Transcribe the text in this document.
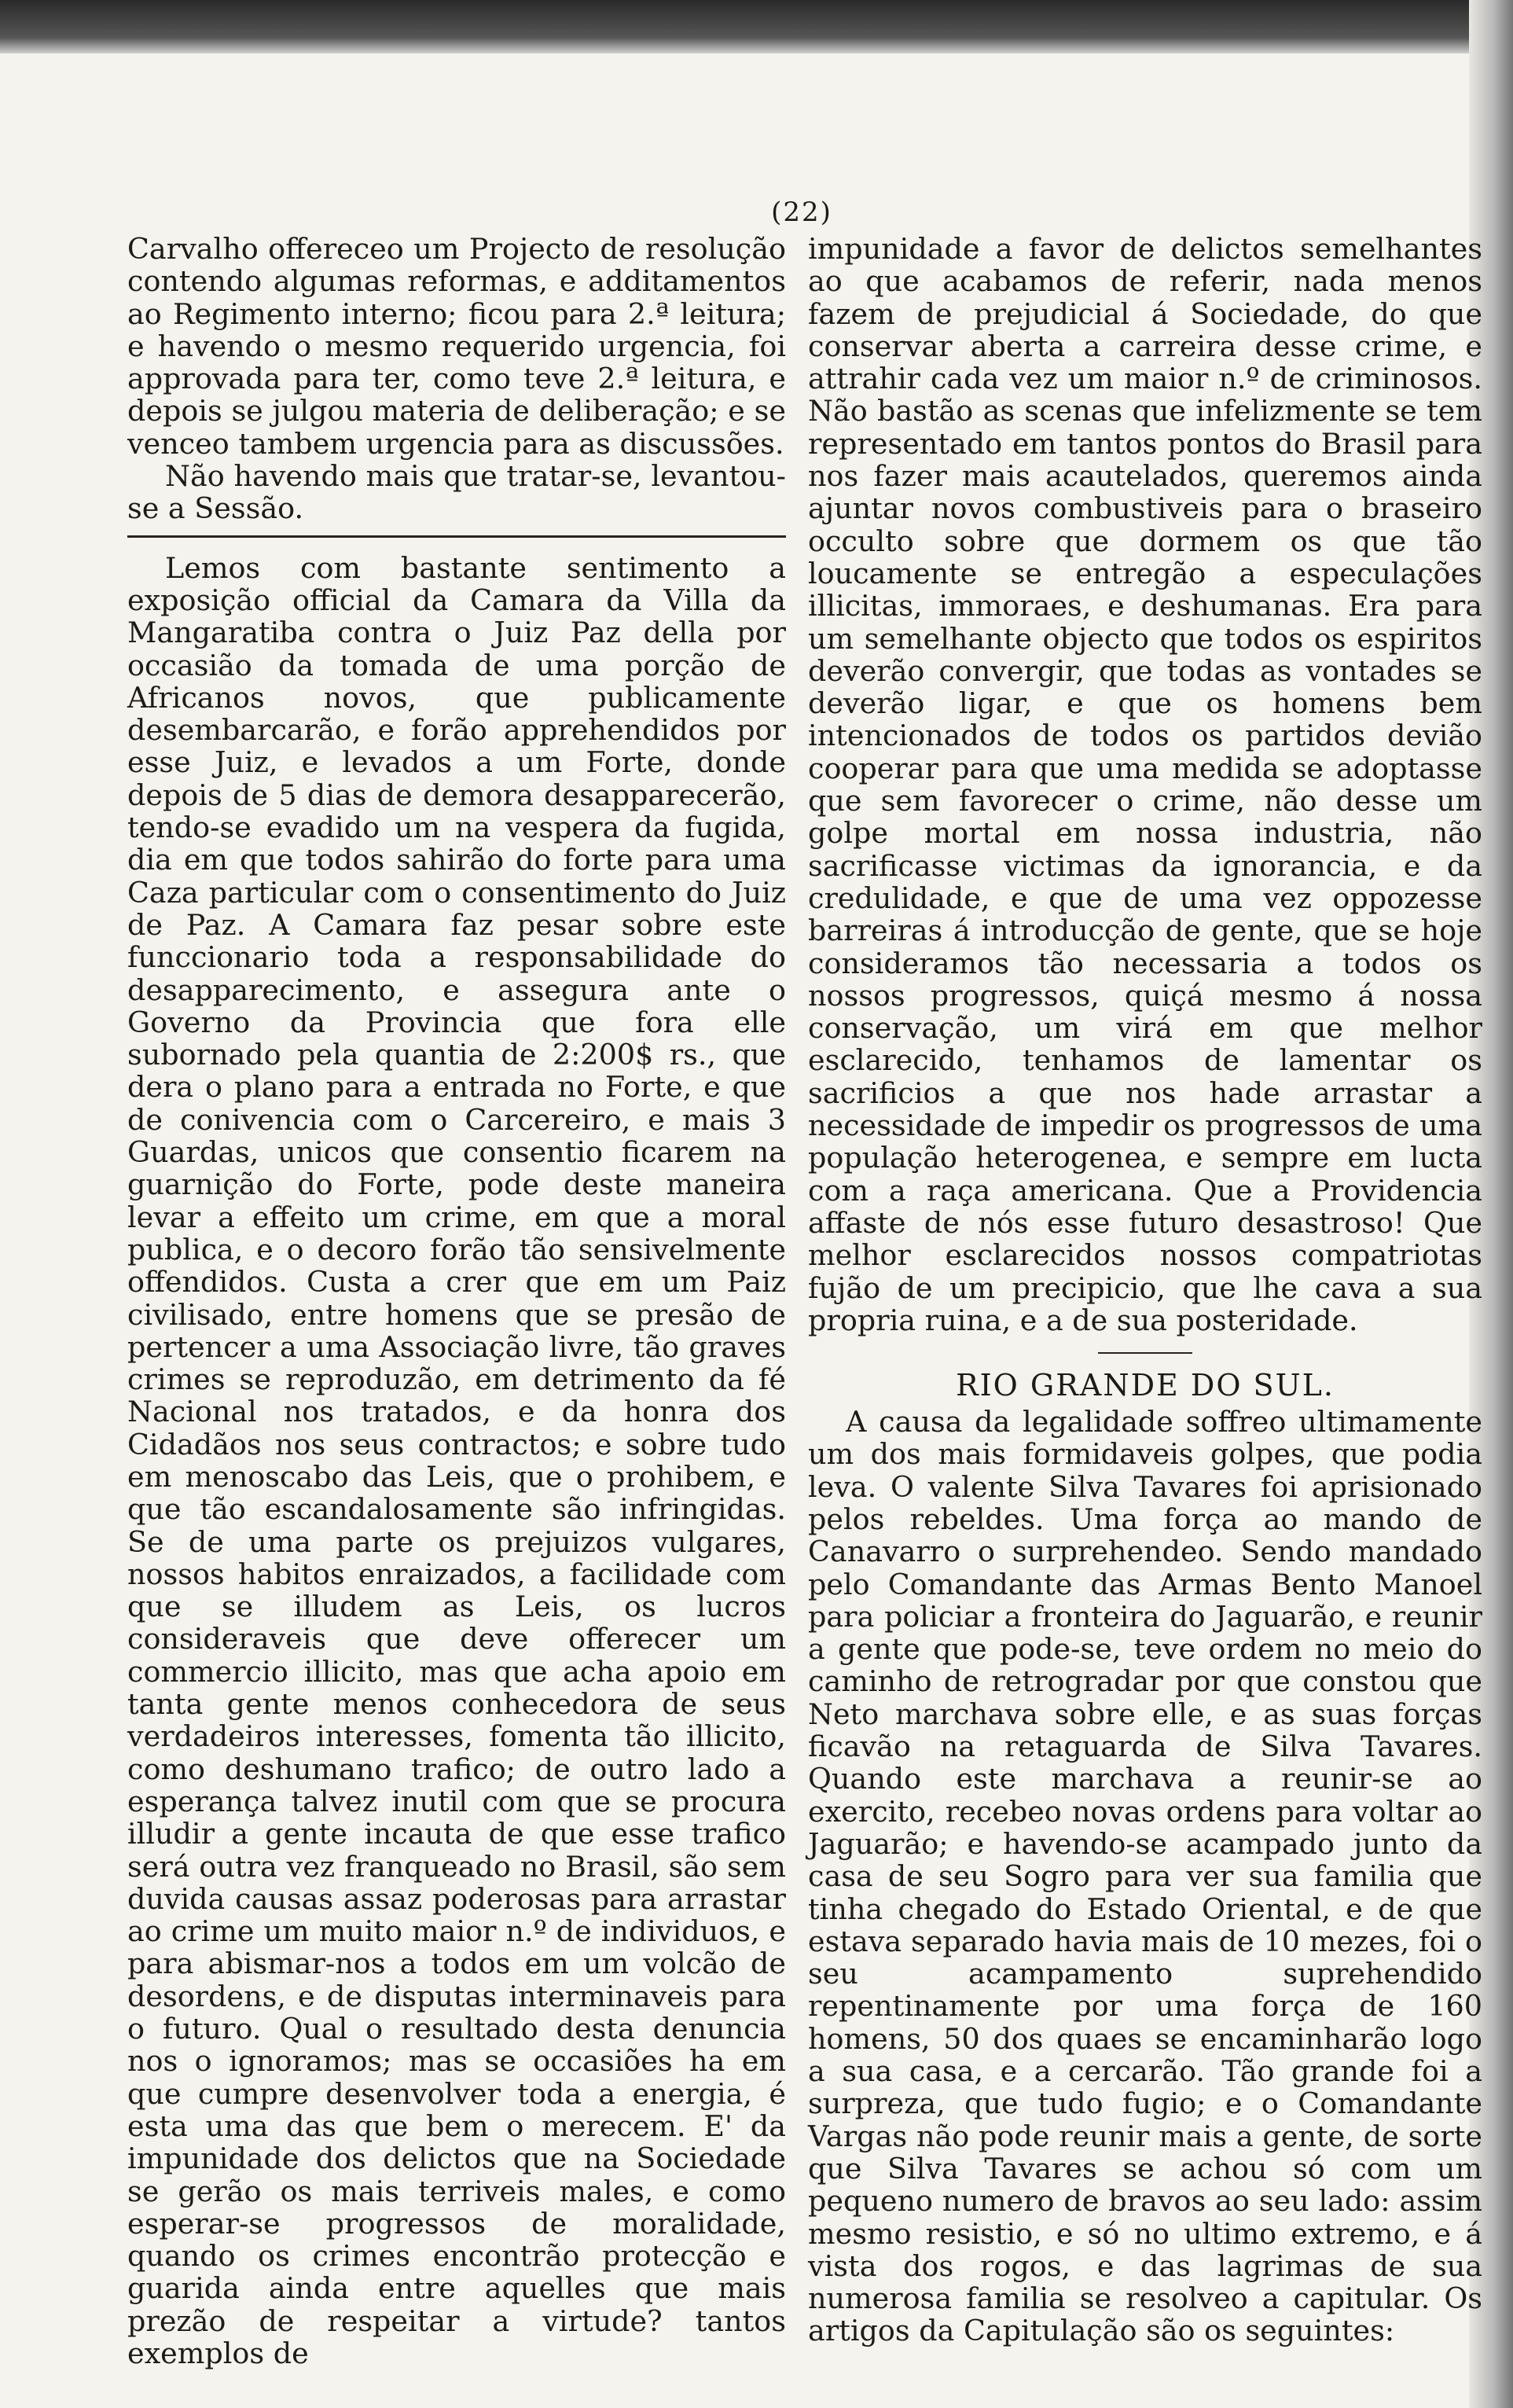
(22)

Carvalho offereceo um Projecto de resolução contendo algumas reformas, e additamentos ao Regimento interno; ficou para 2.ª leitura; e havendo o mesmo requerido urgencia, foi approvada para ter, como teve 2.ª leitura, e depois se julgou materia de deliberação; e se venceo tambem urgencia para as discussões.

Não havendo mais que tratar-se, levantou-se a Sessão.

Lemos com bastante sentimento a exposição official da Camara da Villa da Mangaratiba contra o Juiz Paz della por occasião da tomada de uma porção de Africanos novos, que publicamente desembarcarão, e forão apprehendidos por esse Juiz, e levados a um Forte, donde depois de 5 dias de demora desapparecerão, tendo-se evadido um na vespera da fugida, dia em que todos sahirão do forte para uma Caza particular com o consentimento do Juiz de Paz. A Camara faz pesar sobre este funccionario toda a responsabilidade do desapparecimento, e assegura ante o Governo da Provincia que fora elle subornado pela quantia de 2:200$ rs., que dera o plano para a entrada no Forte, e que de conivencia com o Carcereiro, e mais 3 Guardas, unicos que consentio ficarem na guarnição do Forte, pode deste maneira levar a effeito um crime, em que a moral publica, e o decoro forão tão sensivelmente offendidos. Custa a crer que em um Paiz civilisado, entre homens que se presão de pertencer a uma Associação livre, tão graves crimes se reproduzão, em detrimento da fé Nacional nos tratados, e da honra dos Cidadãos nos seus contractos; e sobre tudo em menoscabo das Leis, que o prohibem, e que tão escandalosamente são infringidas. Se de uma parte os prejuizos vulgares, nossos habitos enraizados, a facilidade com que se illudem as Leis, os lucros consideraveis que deve offerecer um commercio illicito, mas que acha apoio em tanta gente menos conhecedora de seus verdadeiros interesses, fomenta tão illicito, como deshumano trafico; de outro lado a esperança talvez inutil com que se procura illudir a gente incauta de que esse trafico será outra vez franqueado no Brasil, são sem duvida causas assaz poderosas para arrastar ao crime um muito maior n.º de individuos, e para abismar-nos a todos em um volcão de desordens, e de disputas interminaveis para o futuro. Qual o resultado desta denuncia nos o ignoramos; mas se occasiões ha em que cumpre desenvolver toda a energia, é esta uma das que bem o merecem. E' da impunidade dos delictos que na Sociedade se gerão os mais terriveis males, e como esperar-se progressos de moralidade, quando os crimes encontrão protecção e guarida ainda entre aquelles que mais prezão de respeitar a virtude? tantos exemplos de

impunidade a favor de delictos semelhantes ao que acabamos de referir, nada menos fazem de prejudicial á Sociedade, do que conservar aberta a carreira desse crime, e attrahir cada vez um maior n.º de criminosos. Não bastão as scenas que infelizmente se tem representado em tantos pontos do Brasil para nos fazer mais acautelados, queremos ainda ajuntar novos combustiveis para o braseiro occulto sobre que dormem os que tão loucamente se entregão a especulações illicitas, immoraes, e deshumanas. Era para um semelhante objecto que todos os espiritos deverão convergir, que todas as vontades se deverão ligar, e que os homens bem intencionados de todos os partidos devião cooperar para que uma medida se adoptasse que sem favorecer o crime, não desse um golpe mortal em nossa industria, não sacrificasse victimas da ignorancia, e da credulidade, e que de uma vez oppozesse barreiras á introducção de gente, que se hoje consideramos tão necessaria a todos os nossos progressos, quiçá mesmo á nossa conservação, um virá em que melhor esclarecido, tenhamos de lamentar os sacrificios a que nos hade arrastar a necessidade de impedir os progressos de uma população heterogenea, e sempre em lucta com a raça americana. Que a Providencia affaste de nós esse futuro desastroso! Que melhor esclarecidos nossos compatriotas fujão de um precipicio, que lhe cava a sua propria ruina, e a de sua posteridade.

RIO GRANDE DO SUL.

A causa da legalidade soffreo ultimamente um dos mais formidaveis golpes, que podia leva. O valente Silva Tavares foi aprisionado pelos rebeldes. Uma força ao mando de Canavarro o surprehendeo. Sendo mandado pelo Comandante das Armas Bento Manoel para policiar a fronteira do Jaguarão, e reunir a gente que pode-se, teve ordem no meio do caminho de retrogradar por que constou que Neto marchava sobre elle, e as suas forças ficavão na retaguarda de Silva Tavares. Quando este marchava a reunir-se ao exercito, recebeo novas ordens para voltar ao Jaguarão; e havendo-se acampado junto da casa de seu Sogro para ver sua familia que tinha chegado do Estado Oriental, e de que estava separado havia mais de 10 mezes, foi o seu acampamento suprehendido repentinamente por uma força de 160 homens, 50 dos quaes se encaminharão logo a sua casa, e a cercarão. Tão grande foi a surpreza, que tudo fugio; e o Comandante Vargas não pode reunir mais a gente, de sorte que Silva Tavares se achou só com um pequeno numero de bravos ao seu lado: assim mesmo resistio, e só no ultimo extremo, e á vista dos rogos, e das lagrimas de sua numerosa familia se resolveo a capitular. Os artigos da Capitulação são os seguintes:
